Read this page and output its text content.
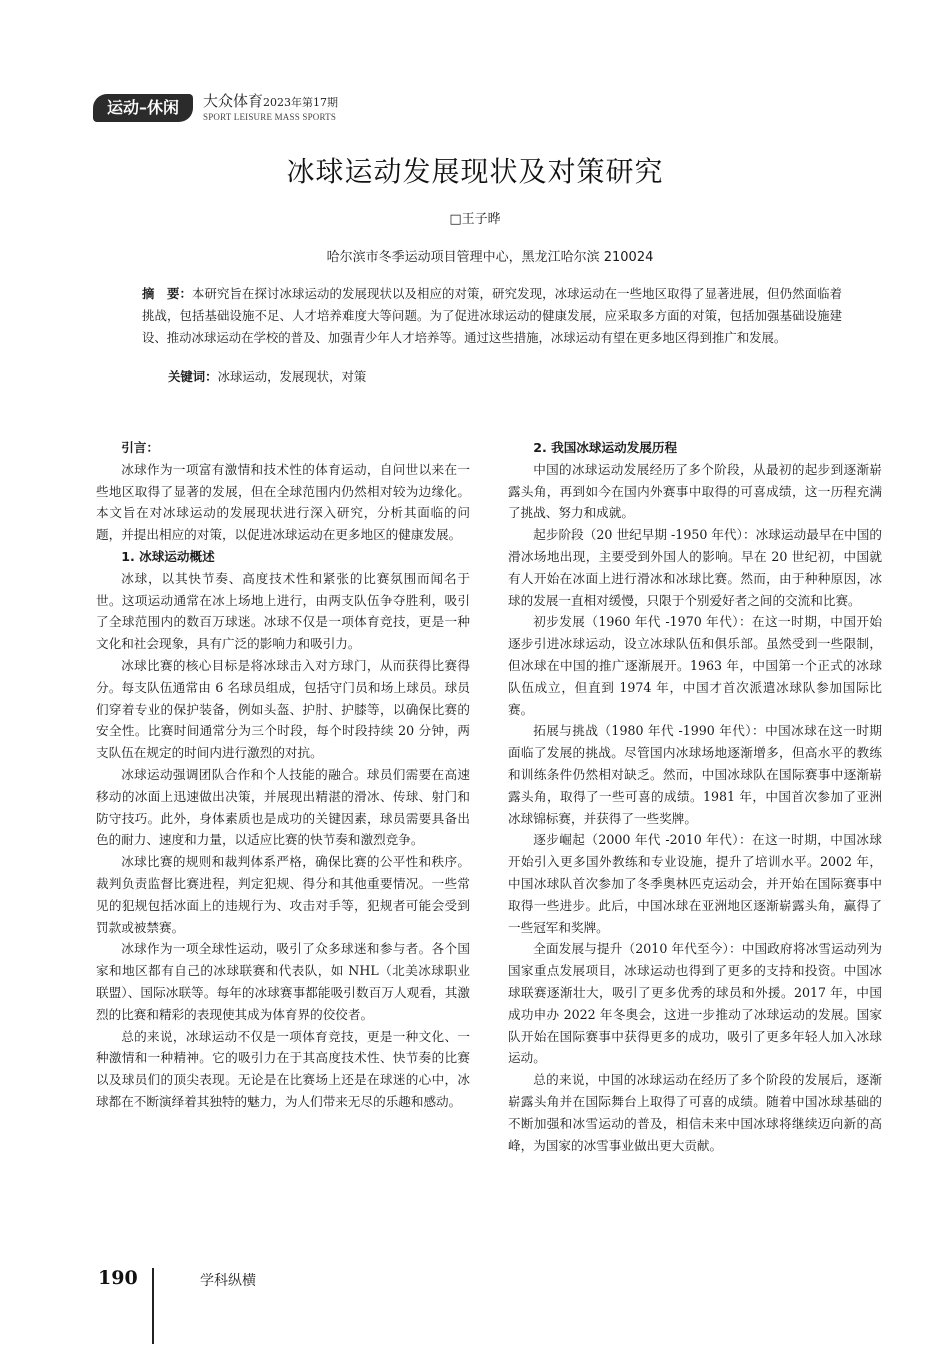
运动–休闲	大众体育2023年第17期
SPORT LEISURE MASS SPORTS
冰球运动发展现状及对策研究
□王子晔
哈尔滨市冬季运动项目管理中心，黑龙江哈尔滨 210024
摘　要：本研究旨在探讨冰球运动的发展现状以及相应的对策，研究发现，冰球运动在一些地区取得了显著进展，但仍然面临着挑战，包括基础设施不足、人才培养难度大等问题。为了促进冰球运动的健康发展，应采取多方面的对策，包括加强基础设施建设、推动冰球运动在学校的普及、加强青少年人才培养等。通过这些措施，冰球运动有望在更多地区得到推广和发展。
关键词：冰球运动，发展现状，对策
引言：

冰球作为一项富有激情和技术性的体育运动，自问世以来在一些地区取得了显著的发展，但在全球范围内仍然相对较为边缘化。本文旨在对冰球运动的发展现状进行深入研究，分析其面临的问题，并提出相应的对策，以促进冰球运动在更多地区的健康发展。

1. 冰球运动概述

冰球，以其快节奏、高度技术性和紧张的比赛氛围而闻名于世。这项运动通常在冰上场地上进行，由两支队伍争夺胜利，吸引了全球范围内的数百万球迷。冰球不仅是一项体育竞技，更是一种文化和社会现象，具有广泛的影响力和吸引力。

冰球比赛的核心目标是将冰球击入对方球门，从而获得比赛得分。每支队伍通常由 6 名球员组成，包括守门员和场上球员。球员们穿着专业的保护装备，例如头盔、护肘、护膝等，以确保比赛的安全性。比赛时间通常分为三个时段，每个时段持续 20 分钟，两支队伍在规定的时间内进行激烈的对抗。

冰球运动强调团队合作和个人技能的融合。球员们需要在高速移动的冰面上迅速做出决策，并展现出精湛的滑冰、传球、射门和防守技巧。此外，身体素质也是成功的关键因素，球员需要具备出色的耐力、速度和力量，以适应比赛的快节奏和激烈竞争。

冰球比赛的规则和裁判体系严格，确保比赛的公平性和秩序。裁判负责监督比赛进程，判定犯规、得分和其他重要情况。一些常见的犯规包括冰面上的违规行为、攻击对手等，犯规者可能会受到罚款或被禁赛。

冰球作为一项全球性运动，吸引了众多球迷和参与者。各个国家和地区都有自己的冰球联赛和代表队，如 NHL（北美冰球职业联盟）、国际冰联等。每年的冰球赛事都能吸引数百万人观看，其激烈的比赛和精彩的表现使其成为体育界的佼佼者。

总的来说，冰球运动不仅是一项体育竞技，更是一种文化、一种激情和一种精神。它的吸引力在于其高度技术性、快节奏的比赛以及球员们的顶尖表现。无论是在比赛场上还是在球迷的心中，冰球都在不断演绎着其独特的魅力，为人们带来无尽的乐趣和感动。

2. 我国冰球运动发展历程

中国的冰球运动发展经历了多个阶段，从最初的起步到逐渐崭露头角，再到如今在国内外赛事中取得的可喜成绩，这一历程充满了挑战、努力和成就。

起步阶段（20 世纪早期 -1950 年代）：冰球运动最早在中国的滑冰场地出现，主要受到外国人的影响。早在 20 世纪初，中国就有人开始在冰面上进行滑冰和冰球比赛。然而，由于种种原因，冰球的发展一直相对缓慢，只限于个别爱好者之间的交流和比赛。

初步发展（1960 年代 -1970 年代）：在这一时期，中国开始逐步引进冰球运动，设立冰球队伍和俱乐部。虽然受到一些限制，但冰球在中国的推广逐渐展开。1963 年，中国第一个正式的冰球队伍成立，但直到 1974 年，中国才首次派遣冰球队参加国际比赛。

拓展与挑战（1980 年代 -1990 年代）：中国冰球在这一时期面临了发展的挑战。尽管国内冰球场地逐渐增多，但高水平的教练和训练条件仍然相对缺乏。然而，中国冰球队在国际赛事中逐渐崭露头角，取得了一些可喜的成绩。1981 年，中国首次参加了亚洲冰球锦标赛，并获得了一些奖牌。

逐步崛起（2000 年代 -2010 年代）：在这一时期，中国冰球开始引入更多国外教练和专业设施，提升了培训水平。2002 年，中国冰球队首次参加了冬季奥林匹克运动会，并开始在国际赛事中取得一些进步。此后，中国冰球在亚洲地区逐渐崭露头角，赢得了一些冠军和奖牌。

全面发展与提升（2010 年代至今）：中国政府将冰雪运动列为国家重点发展项目，冰球运动也得到了更多的支持和投资。中国冰球联赛逐渐壮大，吸引了更多优秀的球员和外援。2017 年，中国成功申办 2022 年冬奥会，这进一步推动了冰球运动的发展。国家队开始在国际赛事中获得更多的成功，吸引了更多年轻人加入冰球运动。

总的来说，中国的冰球运动在经历了多个阶段的发展后，逐渐崭露头角并在国际舞台上取得了可喜的成绩。随着中国冰球基础的不断加强和冰雪运动的普及，相信未来中国冰球将继续迈向新的高峰，为国家的冰雪事业做出更大贡献。

190	学科纵横
